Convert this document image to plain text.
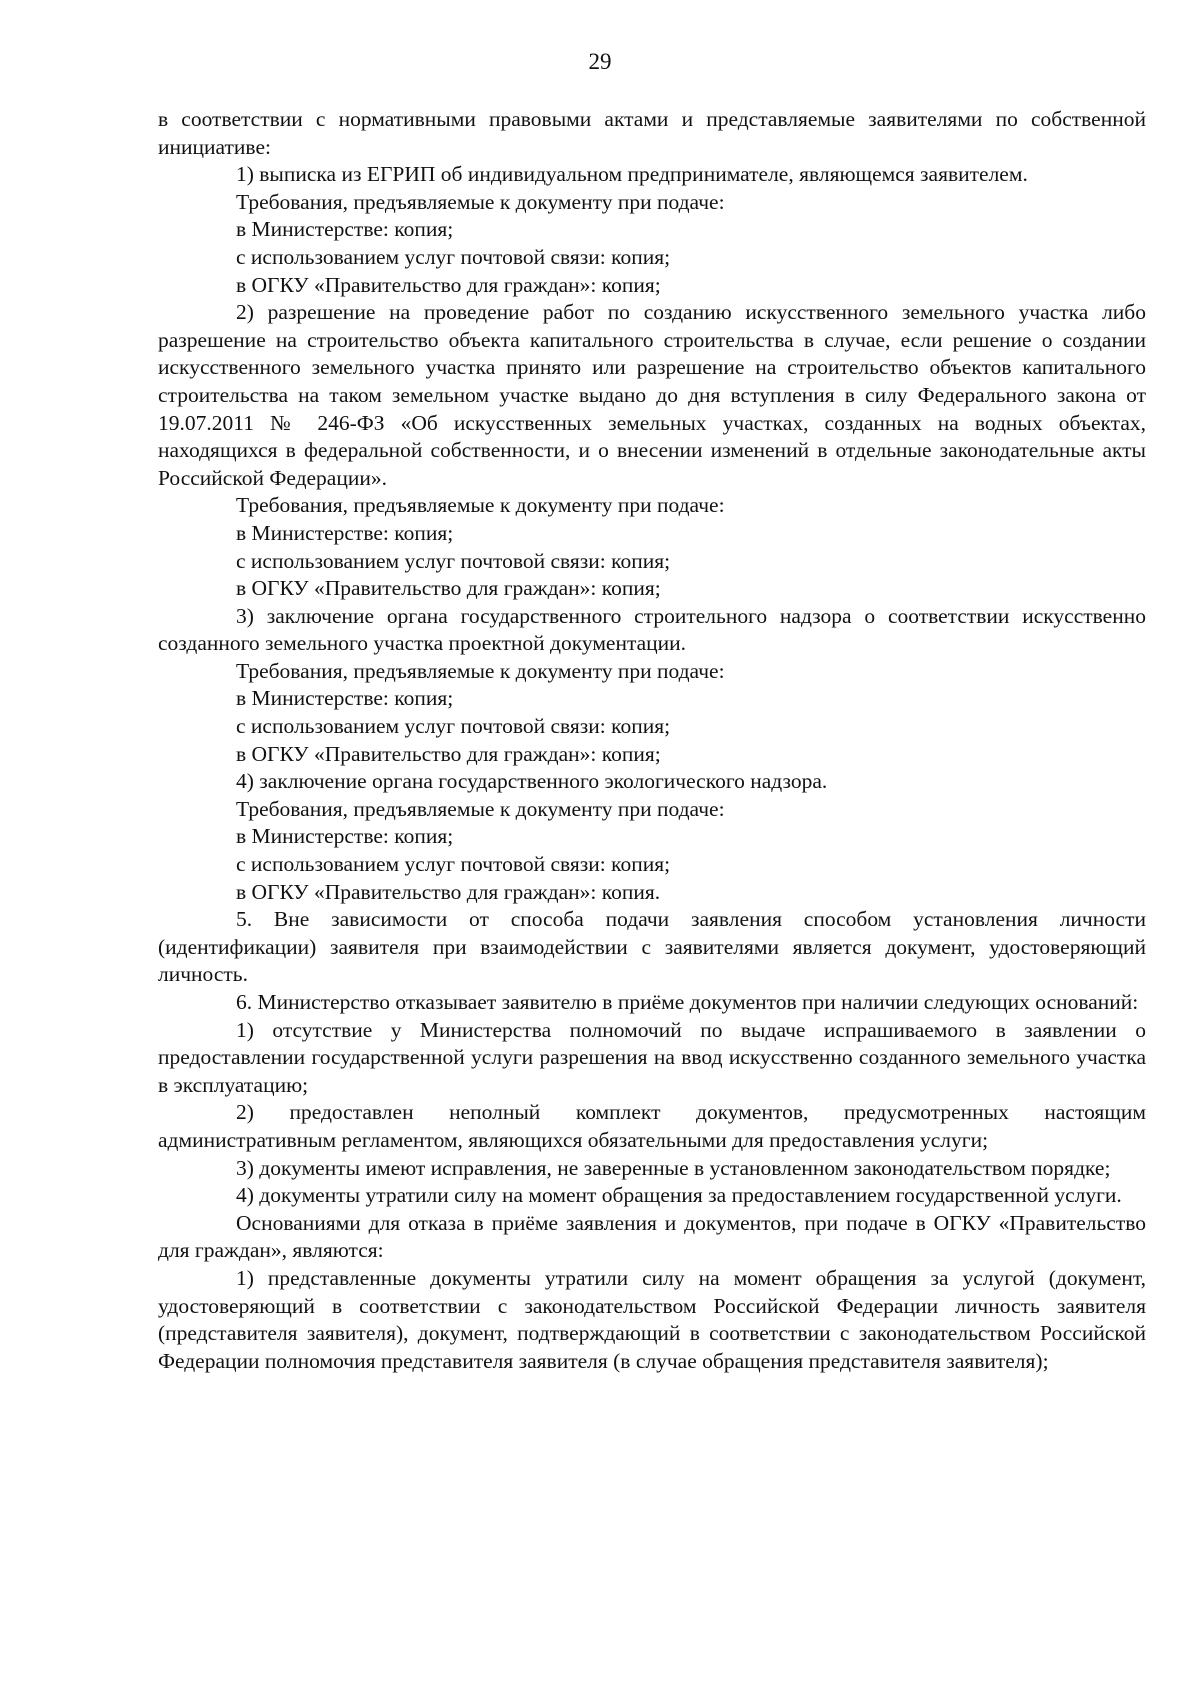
29

в соответствии с нормативными правовыми актами и представляемые заявителями по собственной инициативе:

1) выписка из ЕГРИП об индивидуальном предпринимателе, являющемся заявителем.

Требования, предъявляемые к документу при подаче:

в Министерстве: копия;

с использованием услуг почтовой связи: копия;

в ОГКУ «Правительство для граждан»: копия;

2) разрешение на проведение работ по созданию искусственного земельного участка либо разрешение на строительство объекта капитального строительства в случае, если решение о создании искусственного земельного участка принято или разрешение на строительство объектов капитального строительства на таком земельном участке выдано до дня вступления в силу Федерального закона от 19.07.2011 № 246-ФЗ «Об искусственных земельных участках, созданных на водных объектах, находящихся в федеральной собственности, и о внесении изменений в отдельные законодательные акты Российской Федерации».

Требования, предъявляемые к документу при подаче:

в Министерстве: копия;

с использованием услуг почтовой связи: копия;

в ОГКУ «Правительство для граждан»: копия;

3) заключение органа государственного строительного надзора о соответствии искусственно созданного земельного участка проектной документации.

Требования, предъявляемые к документу при подаче:

в Министерстве: копия;

с использованием услуг почтовой связи: копия;

в ОГКУ «Правительство для граждан»: копия;

4) заключение органа государственного экологического надзора.

Требования, предъявляемые к документу при подаче:

в Министерстве: копия;

с использованием услуг почтовой связи: копия;

в ОГКУ «Правительство для граждан»: копия.

5. Вне зависимости от способа подачи заявления способом установления личности (идентификации) заявителя при взаимодействии с заявителями является документ, удостоверяющий личность.

6. Министерство отказывает заявителю в приёме документов при наличии следующих оснований:

1) отсутствие у Министерства полномочий по выдаче испрашиваемого в заявлении о предоставлении государственной услуги разрешения на ввод искусственно созданного земельного участка в эксплуатацию;

2) предоставлен неполный комплект документов, предусмотренных настоящим административным регламентом, являющихся обязательными для предоставления услуги;

3) документы имеют исправления, не заверенные в установленном законодательством порядке;

4) документы утратили силу на момент обращения за предоставлением государственной услуги.

Основаниями для отказа в приёме заявления и документов, при подаче в ОГКУ «Правительство для граждан», являются:

1) представленные документы утратили силу на момент обращения за услугой (документ, удостоверяющий в соответствии с законодательством Российской Федерации личность заявителя (представителя заявителя), документ, подтверждающий в соответствии с законодательством Российской Федерации полномочия представителя заявителя (в случае обращения представителя заявителя);
